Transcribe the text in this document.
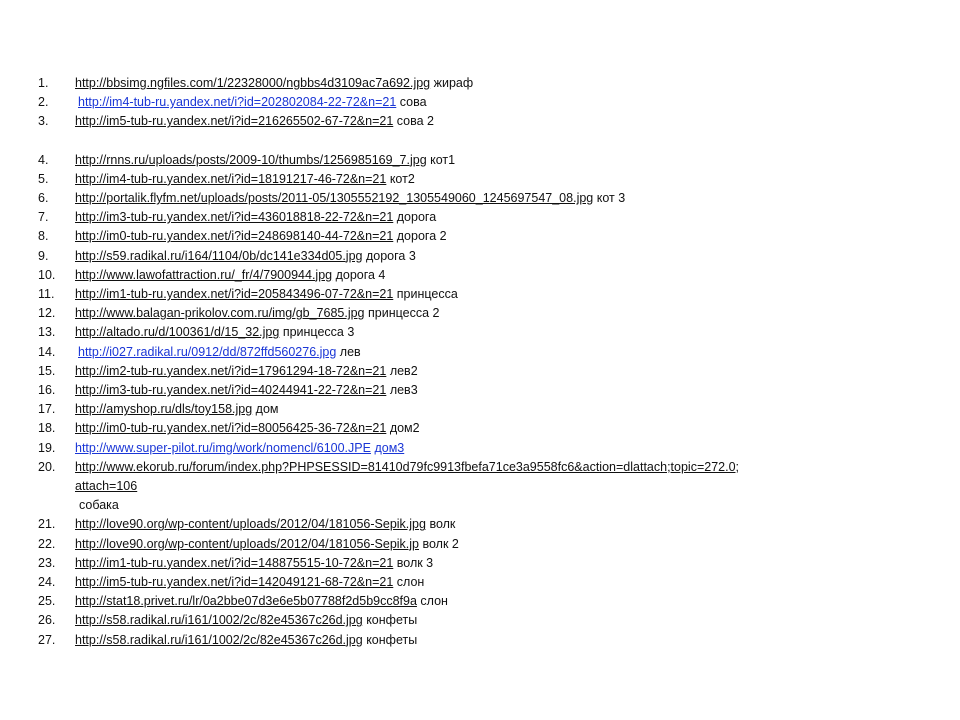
1.	http://bbsimg.ngfiles.com/1/22328000/ngbbs4d3109ac7a692.jpg жираф
2.	http://im4-tub-ru.yandex.net/i?id=202802084-22-72&n=21 сова
3.	http://im5-tub-ru.yandex.net/i?id=216265502-67-72&n=21 сова 2
4.	http://rnns.ru/uploads/posts/2009-10/thumbs/1256985169_7.jpg кот1
5.	http://im4-tub-ru.yandex.net/i?id=18191217-46-72&n=21 кот2
6.	http://portalik.flyfm.net/uploads/posts/2011-05/1305552192_1305549060_1245697547_08.jpg кот 3
7.	http://im3-tub-ru.yandex.net/i?id=436018818-22-72&n=21 дорога
8.	http://im0-tub-ru.yandex.net/i?id=248698140-44-72&n=21 дорога 2
9.	http://s59.radikal.ru/i164/1104/0b/dc141e334d05.jpg дорога 3
10.	http://www.lawofattraction.ru/_fr/4/7900944.jpg дорога 4
11.	http://im1-tub-ru.yandex.net/i?id=205843496-07-72&n=21 принцесса
12.	http://www.balagan-prikolov.com.ru/img/gb_7685.jpg принцесса 2
13.	http://altado.ru/d/100361/d/15_32.jpg принцесса 3
14.	http://i027.radikal.ru/0912/dd/872ffd560276.jpg лев
15.	http://im2-tub-ru.yandex.net/i?id=17961294-18-72&n=21 лев2
16.	http://im3-tub-ru.yandex.net/i?id=40244941-22-72&n=21 лев3
17.	http://amyshop.ru/dls/toy158.jpg дом
18.	http://im0-tub-ru.yandex.net/i?id=80056425-36-72&n=21 дом2
19.	http://www.super-pilot.ru/img/work/nomencl/6100.JPE дом3
20.	http://www.ekorub.ru/forum/index.php?PHPSESSID=81410d79fc9913fbefa71ce3a9558fc6&action=dlattach;topic=272.0;
attach=106
собака
21.	http://love90.org/wp-content/uploads/2012/04/181056-Sepik.jpg волк
22.	http://love90.org/wp-content/uploads/2012/04/181056-Sepik.jp волк 2
23.	http://im1-tub-ru.yandex.net/i?id=148875515-10-72&n=21 волк 3
24.	http://im5-tub-ru.yandex.net/i?id=142049121-68-72&n=21 слон
25.	http://stat18.privet.ru/lr/0a2bbe07d3e6e5b07788f2d5b9cc8f9a слон
26.	http://s58.radikal.ru/i161/1002/2c/82e45367c26d.jpg конфеты
27.	http://s58.radikal.ru/i161/1002/2c/82e45367c26d.jpg конфеты
